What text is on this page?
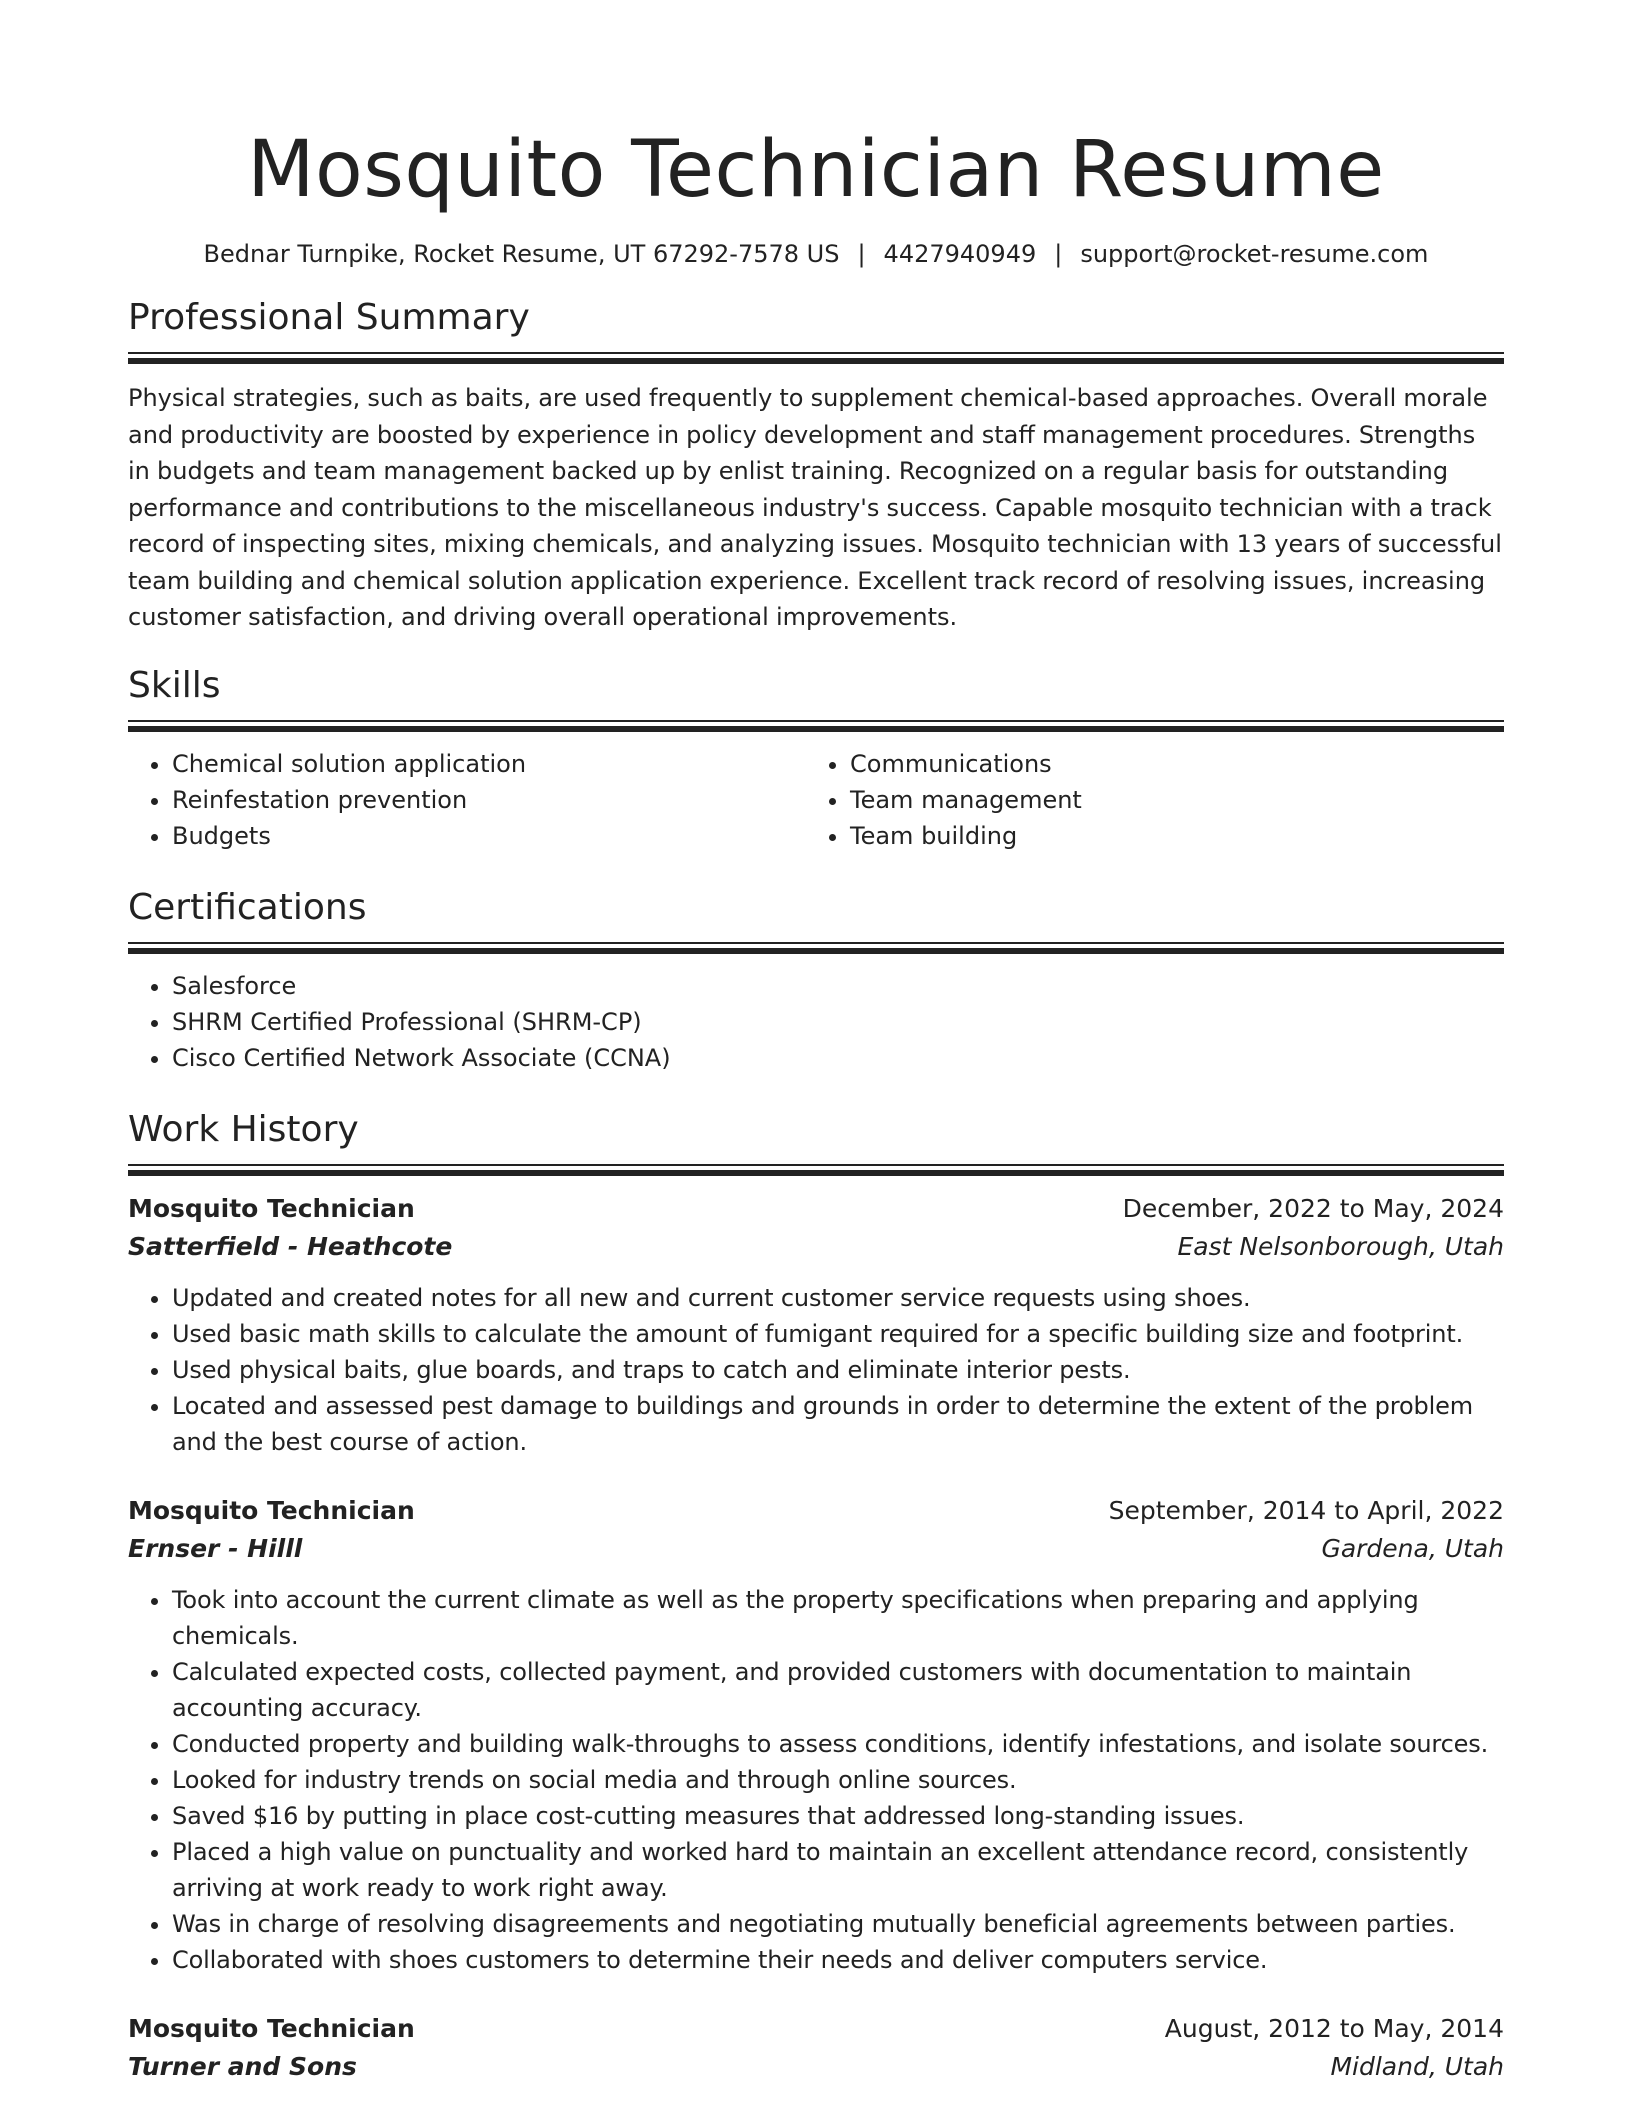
Mosquito Technician Resume
Bednar Turnpike, Rocket Resume, UT 67292-7578 US | 4427940949 | support@rocket-resume.com
Professional Summary

Physical strategies, such as baits, are used frequently to supplement chemical-based approaches. Overall morale and productivity are boosted by experience in policy development and staff management procedures. Strengths in budgets and team management backed up by enlist training. Recognized on a regular basis for outstanding performance and contributions to the miscellaneous industry's success. Capable mosquito technician with a track record of inspecting sites, mixing chemicals, and analyzing issues. Mosquito technician with 13 years of successful team building and chemical solution application experience. Excellent track record of resolving issues, increasing customer satisfaction, and driving overall operational improvements.

Skills
• Chemical solution application
• Reinfestation prevention
• Budgets
• Communications
• Team management
• Team building
Certifications
• Salesforce
• SHRM Certified Professional (SHRM-CP)
• Cisco Certified Network Associate (CCNA)
Work History
Mosquito Technician	December, 2022 to May, 2024
Satterfield - Heathcote	East Nelsonborough, Utah
• Updated and created notes for all new and current customer service requests using shoes.
• Used basic math skills to calculate the amount of fumigant required for a specific building size and footprint.
• Used physical baits, glue boards, and traps to catch and eliminate interior pests.
• Located and assessed pest damage to buildings and grounds in order to determine the extent of the problem and the best course of action.
Mosquito Technician	September, 2014 to April, 2022
Ernser - Hilll	Gardena, Utah
• Took into account the current climate as well as the property specifications when preparing and applying chemicals.
• Calculated expected costs, collected payment, and provided customers with documentation to maintain accounting accuracy.
• Conducted property and building walk-throughs to assess conditions, identify infestations, and isolate sources.
• Looked for industry trends on social media and through online sources.
• Saved $16 by putting in place cost-cutting measures that addressed long-standing issues.
• Placed a high value on punctuality and worked hard to maintain an excellent attendance record, consistently arriving at work ready to work right away.
• Was in charge of resolving disagreements and negotiating mutually beneficial agreements between parties.
• Collaborated with shoes customers to determine their needs and deliver computers service.
Mosquito Technician	August, 2012 to May, 2014
Turner and Sons	Midland, Utah
